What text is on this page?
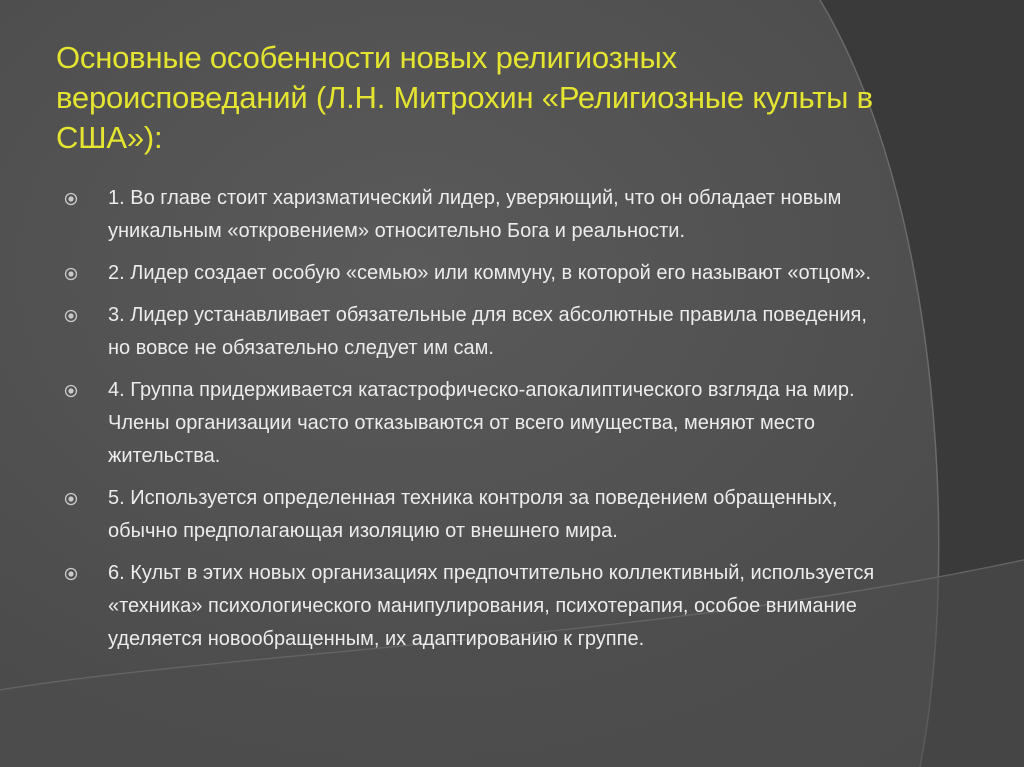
Основные особенности новых религиозных вероисповеданий (Л.Н. Митрохин «Религиозные культы в США»):
1. Во главе стоит харизматический лидер, уверяющий, что он обладает новым уникальным «откровением» относительно Бога и реальности.
2. Лидер создает особую «семью» или коммуну, в которой его называют «отцом».
3. Лидер устанавливает обязательные для всех абсолютные правила поведения, но вовсе не обязательно следует им сам.
4. Группа придерживается катастрофическо-апокалиптического взгляда на мир. Члены организации часто отказываются от всего имущества, меняют место жительства.
5. Используется определенная техника контроля за поведением обращенных, обычно предполагающая изоляцию от внешнего мира.
6. Культ в этих новых организациях предпочтительно коллективный, используется «техника» психологического манипулирования, психотерапия, особое внимание уделяется новообращенным, их адаптированию к группе.
